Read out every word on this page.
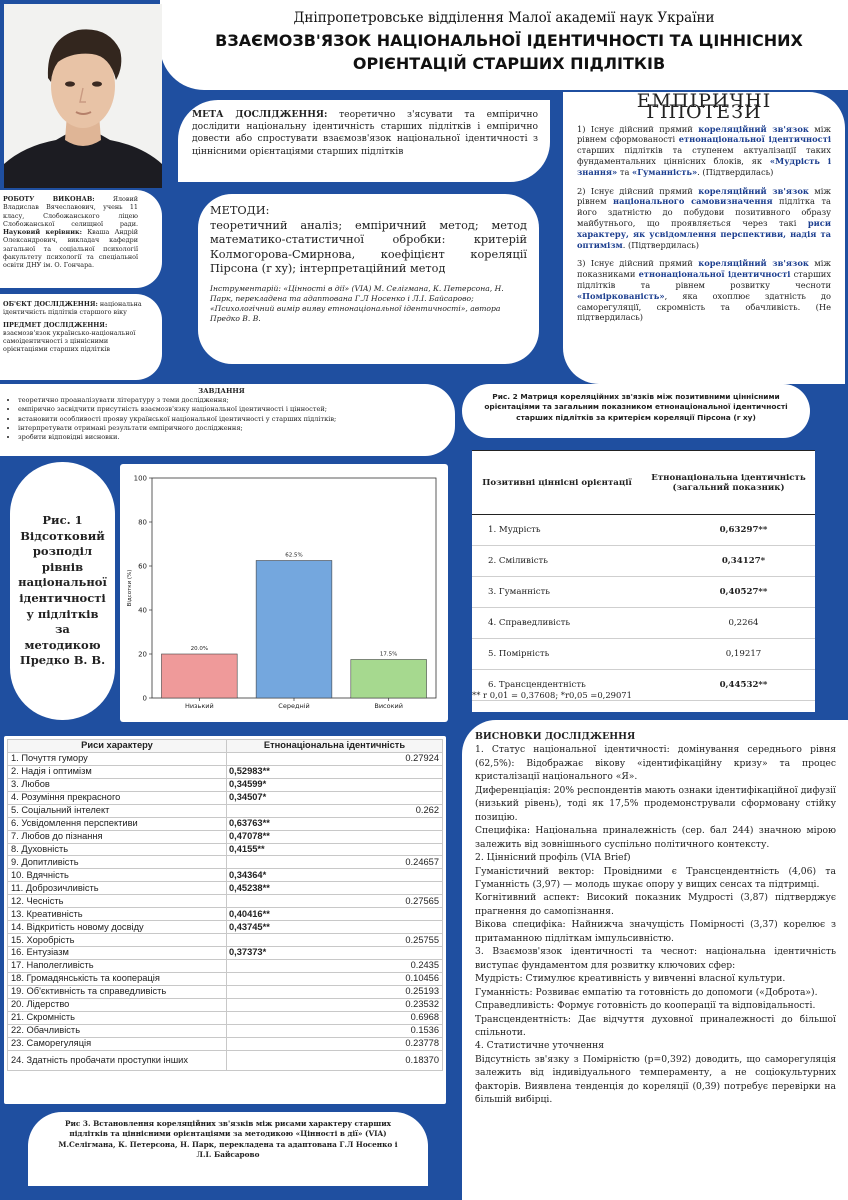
Дніпропетровське відділення Малої академії наук України
ВЗАЄМОЗВ'ЯЗОК НАЦІОНАЛЬНОЇ ІДЕНТИЧНОСТІ ТА ЦІННІСНИХ ОРІЄНТАЦІЙ СТАРШИХ ПІДЛІТКІВ
РОБОТУ ВИКОНАВ:	Яловий Владислав Вячеславович, учень 11 класу, Слобожанського ліцею Слобожанської селищної ради. Науковий керівник: Кваша Андрій Олександрович, викладач кафедри загальної та соціальної психології факультету психології та спеціальної освіти ДНУ ім. О. Гончара.

ОБ'ЄКТ ДОСЛІДЖЕННЯ: національна ідентичність підлітків старшого віку

ПРЕДМЕТ ДОСЛІДЖЕННЯ: взаємозв'язок українсько-національної самоідентичності з ціннісними орієнтаціями старших підлітків

МЕТА ДОСЛІДЖЕННЯ: теоретично з'ясувати та емпірично дослідити національну ідентичність старших підлітків і емпірично довести або спростувати взаємозв'язок національної ідентичності з ціннісними орієнтаціями старших підлітків
ЕМПІРИЧНІ ГІПОТЕЗИ

1) Існує дійсний прямий кореляційний зв'язок між рівнем сформованості етнонаціональної ідентичності старших підлітків та ступенем актуалізації таких фундаментальних ціннісних блоків, як «Мудрість і знання» та «Гуманність». (Підтвердилась)

2) Існує дійсний прямий кореляційний зв'язок між рівнем національного самовизначення підлітка та його здатністю до побудови позитивного образу майбутнього, що проявляється через такі риси характеру, як усвідомлення перспективи, надія та оптимізм. (Підтвердилась)

3) Існує дійсний прямий кореляційний зв'язок між показниками етнонаціональної ідентичності старших підлітків та рівнем розвитку чесноти «Поміркованість», яка охоплює здатність до саморегуляції, скромність та обачливість. (Не підтвердилась)

МЕТОДИ:
теоретичний аналіз; емпіричний метод; метод математико-статистичної обробки: критерій Колмогорова-Смирнова, коефіцієнт кореляції Пірсона (r xy); інтерпретаційний метод
Інструментарій: «Цінності в дії» (VIA) М. Селігмана, К. Петерсона, Н. Парк, перекладена та адаптована Г.Л Носенко і Л.І. Байсарово; «Психологічний вимір вияву етнонаціональної ідентичності», автора Предко В. В.
ЗАВДАННЯ
• теоретично проаналізувати літературу з теми дослідження;
• емпірично засвідчити присутність взаємозв'язку національної ідентичності і цінностей;
• встановити особливості прояву української національної ідентичності у старших підлітків;
• інтерпретувати отримані результати емпіричного дослідження;
• зробити відповідні висновки.
Рис. 1 Відсотковий розподіл рівнів національної ідентичності у підлітків за методикою Предко В. В.
0
20
40
60
80
100
Відсотки (%)
20.0%
Низький
62.5%
Середній
17.5%
Високий
Рис. 2 Матриця кореляційних зв'язків між позитивними ціннісними орієнтаціями та загальним показником етнонаціональної ідентичності старших підлітків за критерієм кореляції Пірсона (r xy)
Позитивні ціннісні орієнтації	Етнонаціональна ідентичність (загальний показник)
1. Мудрість	0,63297**
2. Сміливість	0,34127*
3. Гуманність	0,40527**
4. Справедливість	0,2264
5. Помірність	0,19217
6. Трансцендентність	0,44532**
** r 0,01 = 0,37608; *r0,05 =0,29071
Риси характеру	Етнонаціональна ідентичність
1. Почуття гумору	0.27924
2. Надія і оптимізм	0,52983**
3. Любов	0,34599*
4. Розуміння прекрасного	0,34507*
5. Соціальний інтелект	0.262
6. Усвідомлення перспективи	0,63763**
7. Любов до пізнання	0,47078**
8. Духовність	0,4155**
9. Допитливість	0.24657
10. Вдячність	0,34364*
11. Доброзичливість	0,45238**
12. Чесність	0.27565
13. Креативність	0,40416**
14. Відкритість новому досвіду	0,43745**
15. Хоробрість	0.25755
16. Ентузіазм	0,37373*
17. Наполегливість	0.2435
18. Громадянськість та кооперація	0.10456
19. Об'єктивність та справедливість	0.25193
20. Лідерство	0.23532
21. Скромність	0.6968
22. Обачливість	0.1536
23. Саморегуляція	0.23778
24. Здатність пробачати проступки інших	0.18370
Рис 3. Встановлення кореляційних зв'язків між рисами характеру старших підлітків та ціннісними орієнтаціями за методикою «Цінності в дії» (VIA) М.Селігмана, К. Петерсона, Н. Парк, перекладена та адаптована Г.Л Носенко і Л.І. Байсарово
ВИСНОВКИ ДОСЛІДЖЕННЯ
1. Статус національної ідентичності: домінування середнього рівня (62,5%): Відображає вікову «ідентифікаційну кризу» та процес кристалізації національного «Я».
Диференціація: 20% респондентів мають ознаки ідентифікаційної дифузії (низький рівень), тоді як 17,5% продемонстрували сформовану стійку позицію.
Специфіка: Національна приналежність (сер. бал 244) значною мірою залежить від зовнішнього суспільно політичного контексту.
2. Ціннісний профіль (VIA Brief)
Гуманістичний вектор: Провідними є Трансцендентність (4,06) та Гуманність (3,97) — молодь шукає опору у вищих сенсах та підтримці.
Когнітивний аспект: Високий показник Мудрості (3,87) підтверджує прагнення до самопізнання.
Вікова специфіка: Найнижча значущість Помірності (3,37) корелює з притаманною підліткам імпульсивністю.
3. Взаємозв'язок ідентичності та чеснот: національна ідентичність виступає фундаментом для розвитку ключових сфер:
Мудрість: Стимулює креативність у вивченні власної культури.
Гуманність: Розвиває емпатію та готовність до допомоги («Доброта»).
Справедливість: Формує готовність до кооперації та відповідальності.
Трансцендентність: Дає відчуття духовної приналежності до більшої спільноти.
4. Статистичне уточнення
Відсутність зв'язку з Помірністю (p=0,392) доводить, що саморегуляція залежить від індивідуального темпераменту, а не соціокультурних факторів. Виявлена тенденція до кореляції (0,39) потребує перевірки на більшій вибірці.
